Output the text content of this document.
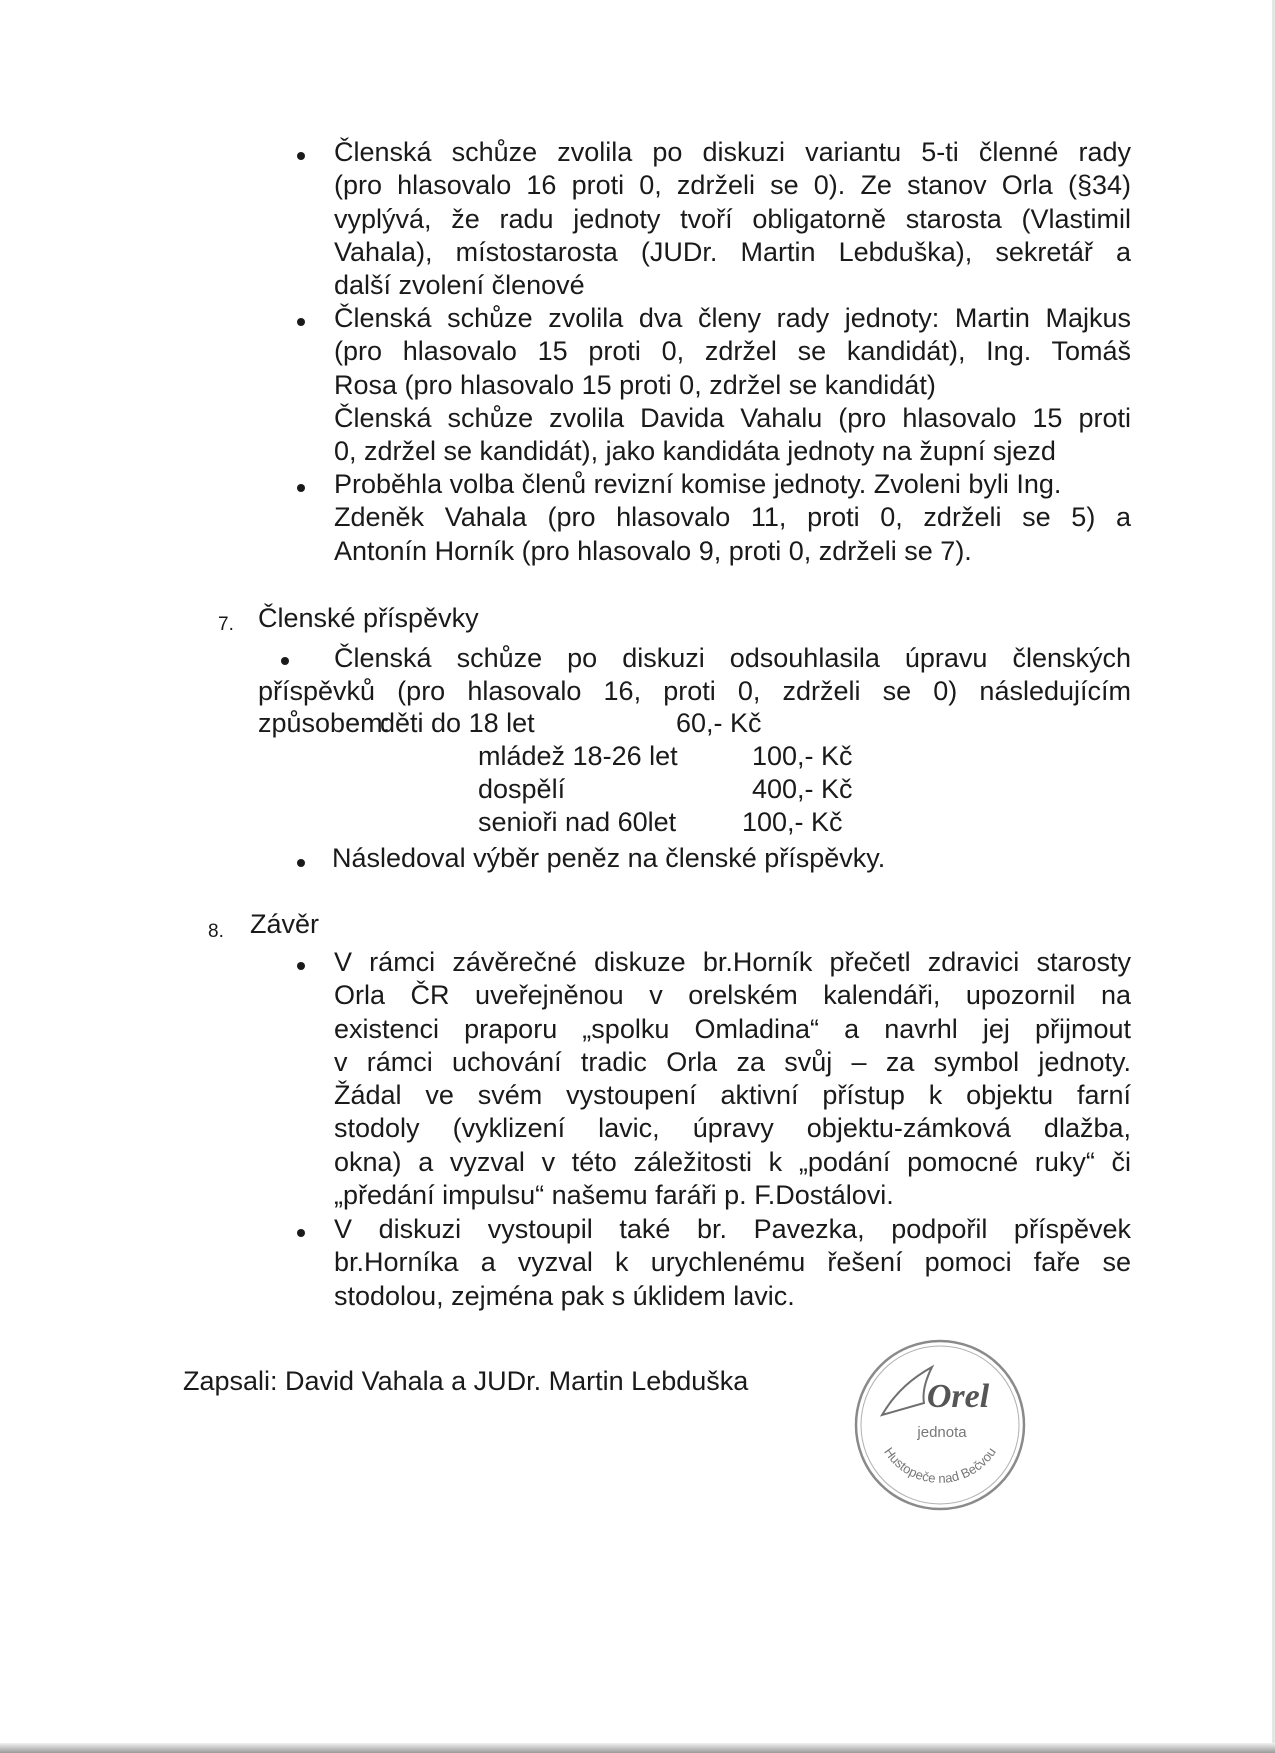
Členská schůze zvolila po diskuzi variantu 5-ti členné rady
(pro hlasovalo 16 proti 0, zdrželi se 0). Ze stanov Orla (§34)
vyplývá, že radu jednoty tvoří obligatorně starosta (Vlastimil
Vahala), místostarosta (JUDr. Martin Lebduška), sekretář a
další zvolení členové
Členská schůze zvolila dva členy rady jednoty: Martin Majkus
(pro hlasovalo 15 proti 0, zdržel se kandidát), Ing. Tomáš
Rosa (pro hlasovalo 15 proti 0, zdržel se kandidát)
Členská schůze zvolila Davida Vahalu (pro hlasovalo 15 proti
0, zdržel se kandidát), jako kandidáta jednoty na župní sjezd
Proběhla volba členů revizní komise jednoty. Zvoleni byli Ing.
Zdeněk Vahala (pro hlasovalo 11, proti 0, zdrželi se 5) a
Antonín Horník (pro hlasovalo 9, proti 0, zdrželi se 7).
7. Členské příspěvky
Členská schůze po diskuzi odsouhlasila úpravu členských
příspěvků (pro hlasovalo 16, proti 0, zdrželi se 0) následujícím
způsobem:
děti do 18 let	60,- Kč
mládež 18-26 let	100,- Kč
dospělí	400,- Kč
senioři nad 60let 100,- Kč
Následoval výběr peněz na členské příspěvky.
8. Závěr
V rámci závěrečné diskuze br.Horník přečetl zdravici starosty
Orla ČR uveřejněnou v orelském kalendáři, upozornil na
existenci praporu „spolku Omladina“ a navrhl jej přijmout
v rámci uchování tradic Orla za svůj – za symbol jednoty.
Žádal ve svém vystoupení aktivní přístup k objektu farní
stodoly (vyklizení lavic, úpravy objektu-zámková dlažba,
okna) a vyzval v této záležitosti k „podání pomocné ruky“ či
„předání impulsu“ našemu faráři p. F.Dostálovi.
V diskuzi vystoupil také br. Pavezka, podpořil příspěvek
br.Horníka a vyzval k urychlenému řešení pomoci faře se
stodolou, zejména pak s úklidem lavic.
Zapsali: David Vahala a JUDr. Martin Lebduška	Orel
jednota
Hustopeče nad Bečvou
